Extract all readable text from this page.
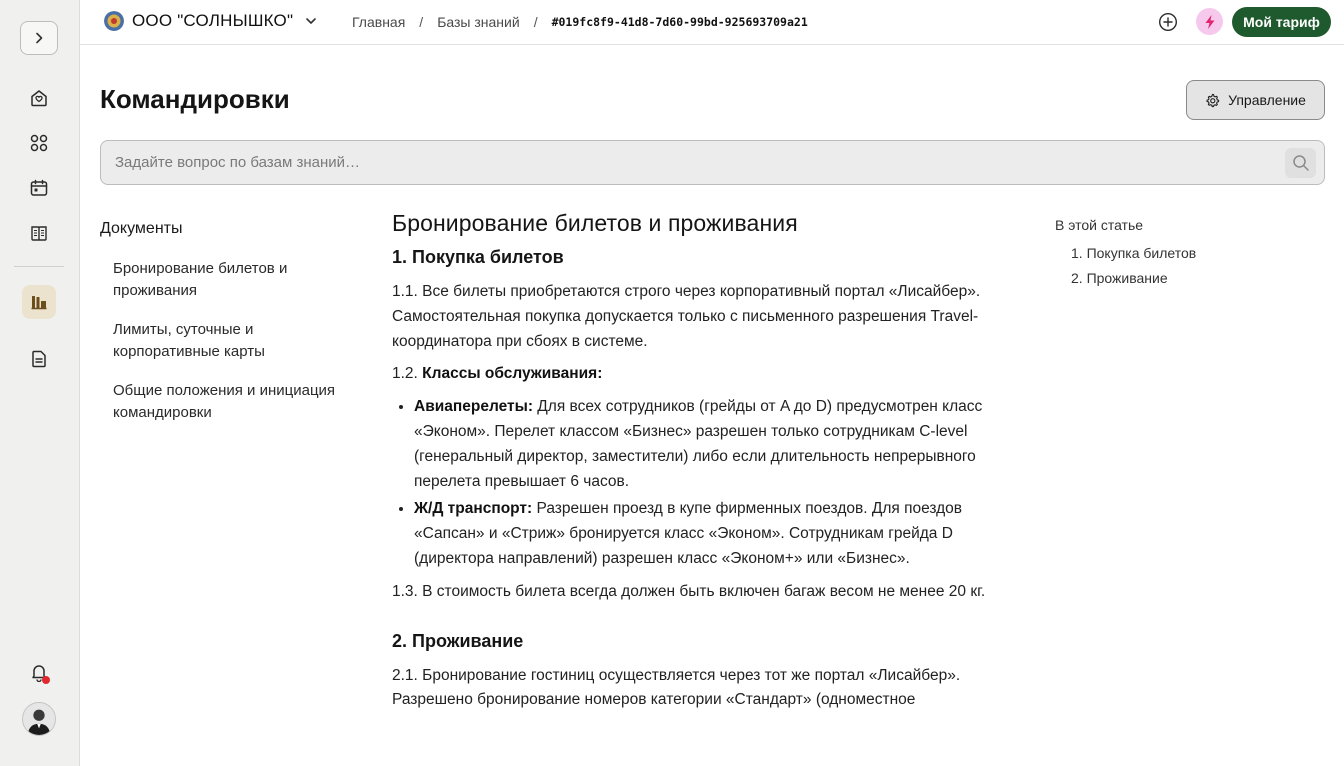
ООО "СОЛНЫШКО"	Главная / Базы знаний / #019fc8f9-41d8-7d60-99bd-925693709a21	Мой тариф
Командировки	Управление
Задайте вопрос по базам знаний…
Документы
Бронирование билетов и проживания
Лимиты, суточные и корпоративные карты
Общие положения и инициация командировки
Бронирование билетов и проживания
1. Покупка билетов

1.1. Все билеты приобретаются строго через корпоративный портал «Лисайбер». Самостоятельная покупка допускается только с письменного разрешения Travel-координатора при сбоях в системе.

1.2. Классы обслуживания:

• Авиаперелеты: Для всех сотрудников (грейды от A до D) предусмотрен класс «Эконом». Перелет классом «Бизнес» разрешен только сотрудникам C-level (генеральный директор, заместители) либо если длительность непрерывного перелета превышает 6 часов.
• Ж/Д транспорт: Разрешен проезд в купе фирменных поездов. Для поездов «Сапсан» и «Стриж» бронируется класс «Эконом». Сотрудникам грейда D (директора направлений) разрешен класс «Эконом+» или «Бизнес».

1.3. В стоимость билета всегда должен быть включен багаж весом не менее 20 кг.

2. Проживание

2.1. Бронирование гостиниц осуществляется через тот же портал «Лисайбер». Разрешено бронирование номеров категории «Стандарт» (одноместное

В этой статье
1. Покупка билетов
2. Проживание
